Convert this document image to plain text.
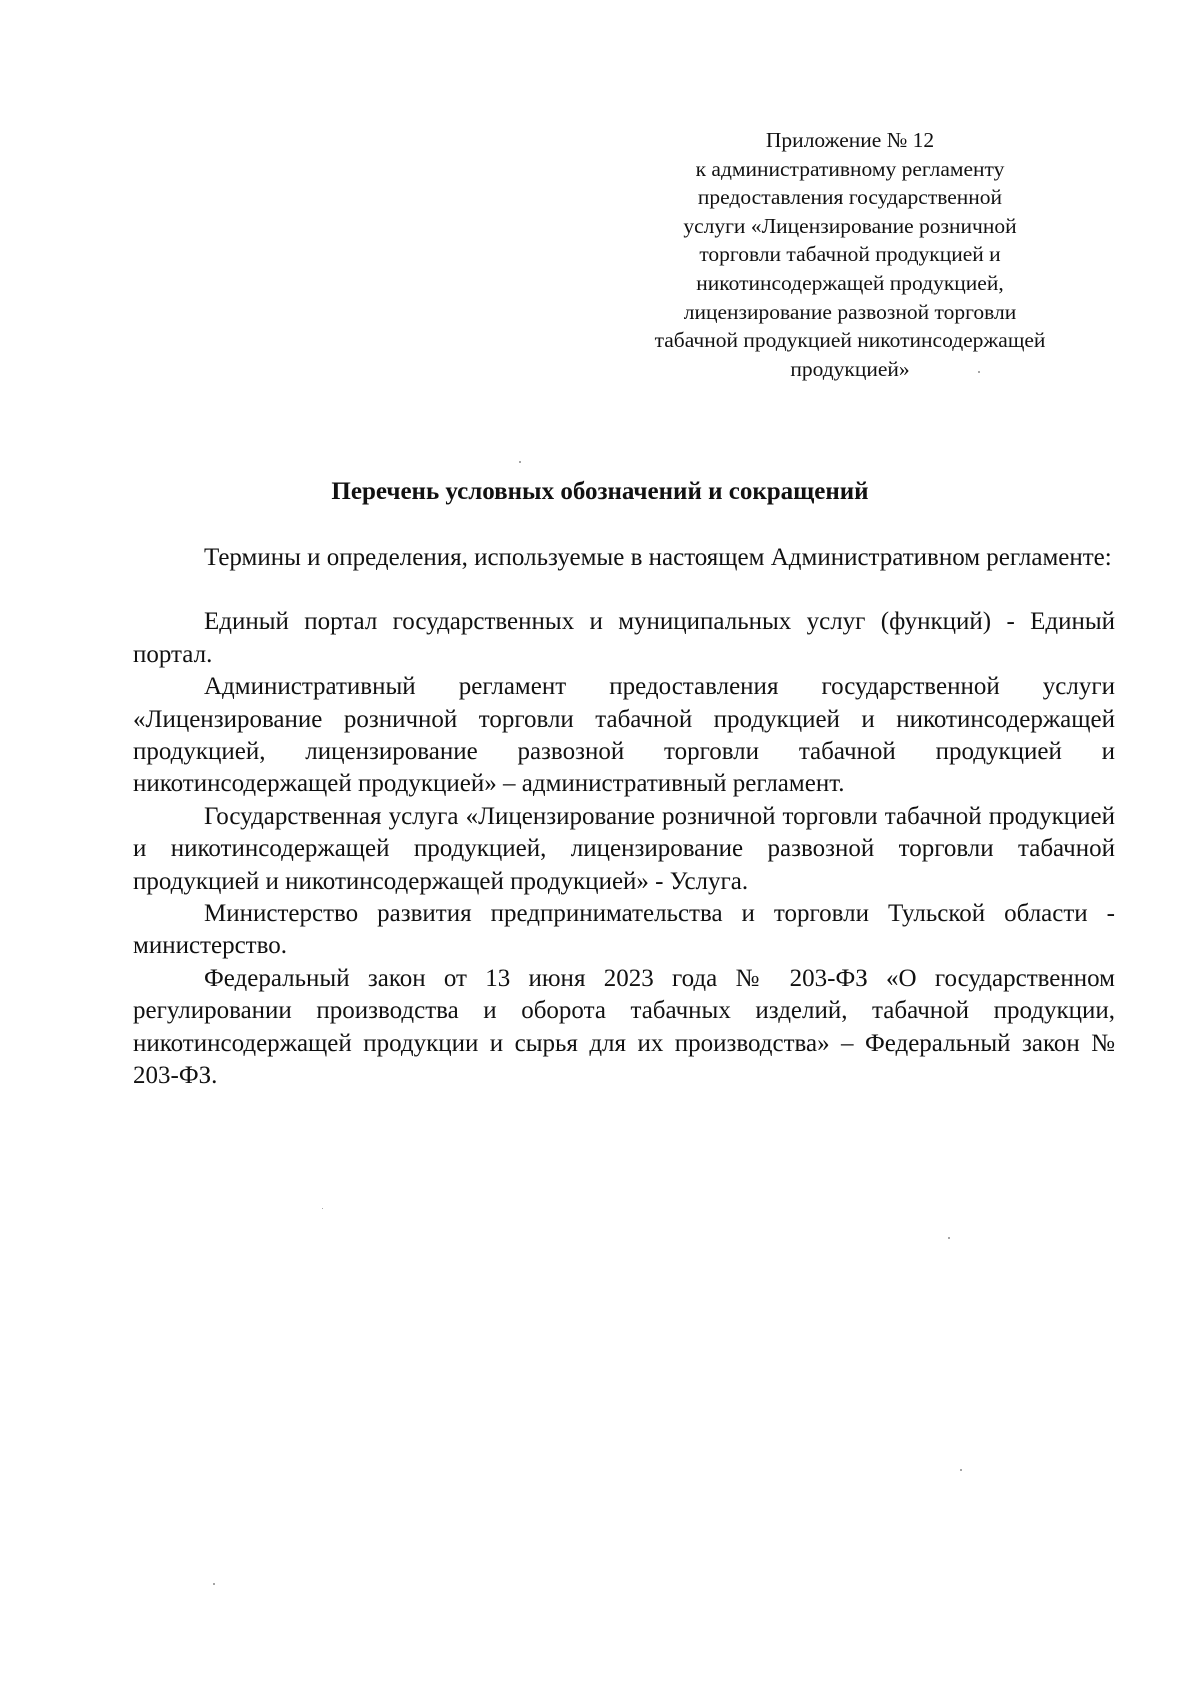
Приложение № 12
к административному регламенту
предоставления государственной
услуги «Лицензирование розничной
торговли табачной продукцией и
никотинсодержащей продукцией,
лицензирование развозной торговли
табачной продукцией никотинсодержащей
продукцией»
Перечень условных обозначений и сокращений

Термины и определения, используемые в настоящем Административном регламенте:

Единый портал государственных и муниципальных услуг (функций) - Единый портал.

Административный регламент предоставления государственной услуги «Лицензирование розничной торговли табачной продукцией и никотинсодержащей продукцией, лицензирование развозной торговли табачной продукцией и никотинсодержащей продукцией» – административный регламент.

Государственная услуга «Лицензирование розничной торговли табачной продукцией и никотинсодержащей продукцией, лицензирование развозной торговли табачной продукцией и никотинсодержащей продукцией» - Услуга.

Министерство развития предпринимательства и торговли Тульской области - министерство.

Федеральный закон от 13 июня 2023 года № 203-ФЗ «О государственном регулировании производства и оборота табачных изделий, табачной продукции, никотинсодержащей продукции и сырья для их производства» – Федеральный закон № 203-ФЗ.
